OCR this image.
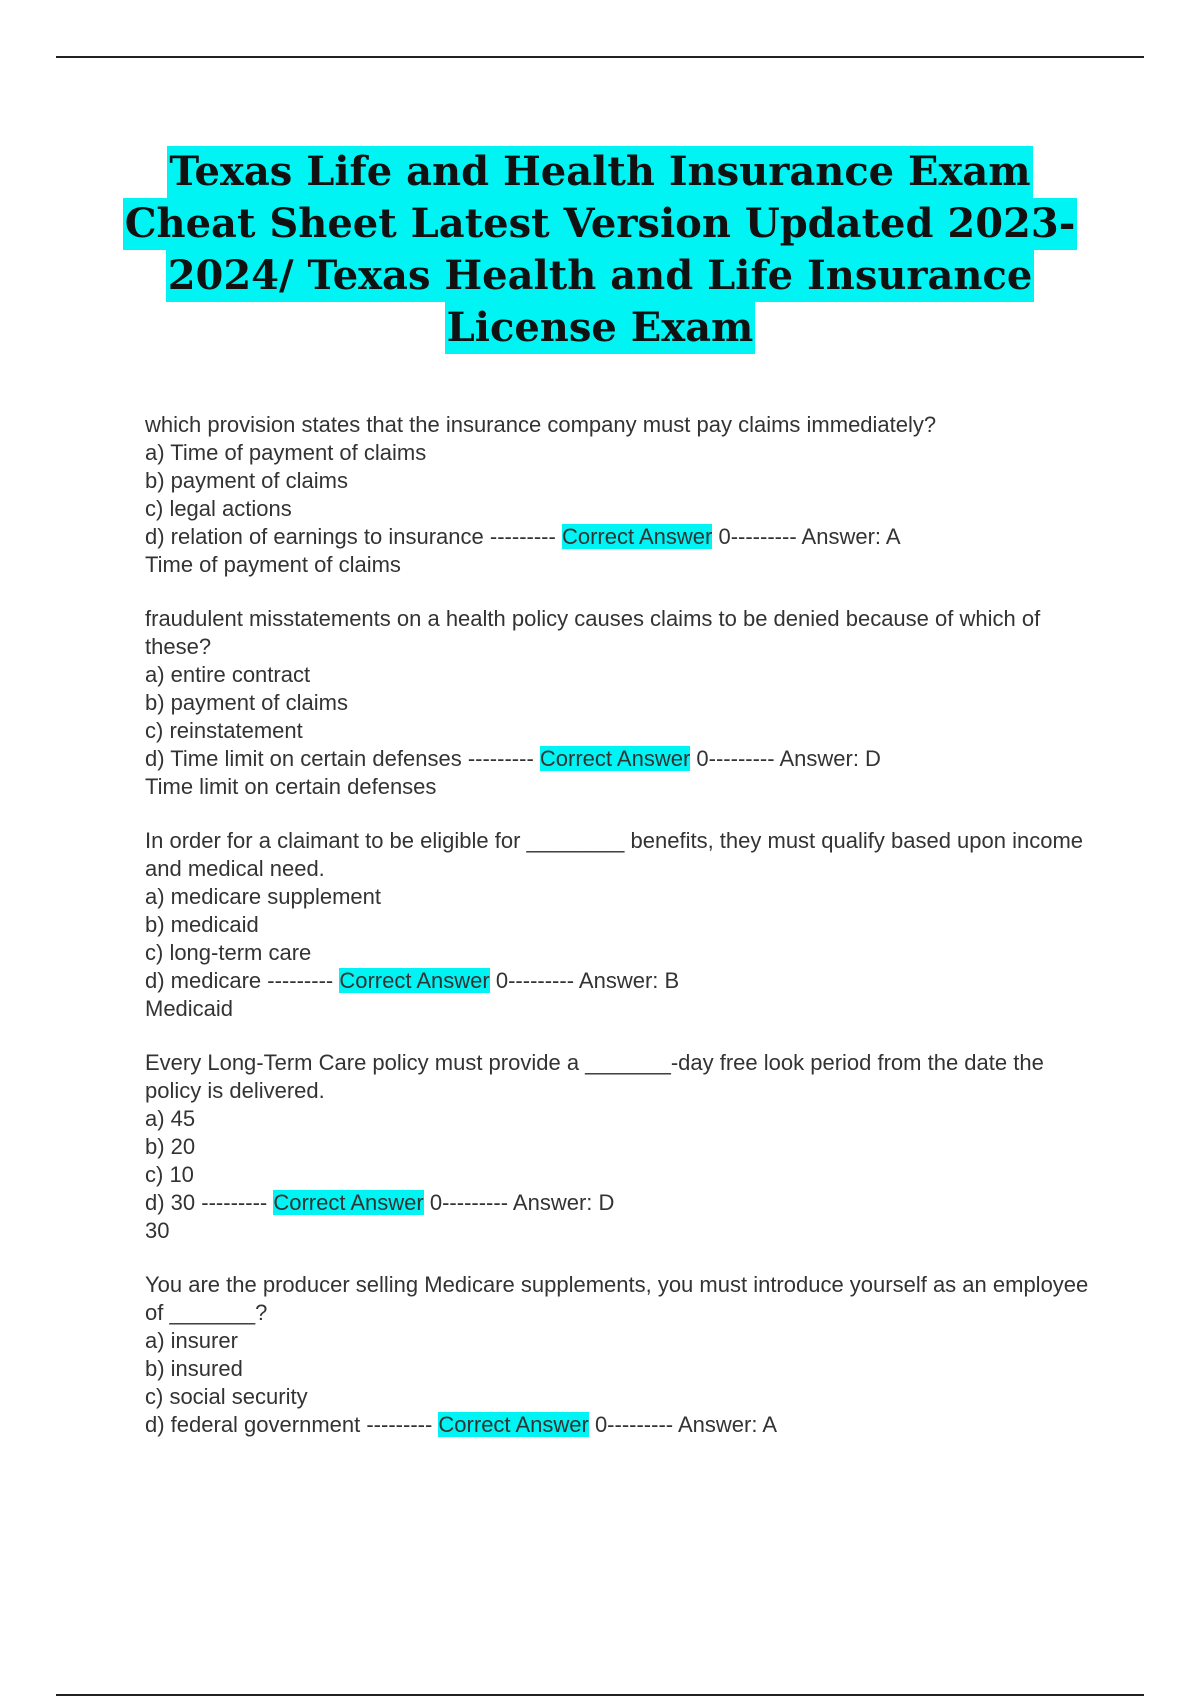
Texas Life and Health Insurance Exam
Cheat Sheet Latest Version Updated 2023-
2024/ Texas Health and Life Insurance
License Exam
which provision states that the insurance company must pay claims immediately?
a) Time of payment of claims
b) payment of claims
c) legal actions
d) relation of earnings to insurance --------- Correct Answer 0--------- Answer: A
Time of payment of claims
fraudulent misstatements on a health policy causes claims to be denied because of which of these?
a) entire contract
b) payment of claims
c) reinstatement
d) Time limit on certain defenses --------- Correct Answer 0--------- Answer: D
Time limit on certain defenses
In order for a claimant to be eligible for ________ benefits, they must qualify based upon income and medical need.
a) medicare supplement
b) medicaid
c) long-term care
d) medicare --------- Correct Answer 0--------- Answer: B
Medicaid
Every Long-Term Care policy must provide a _______-day free look period from the date the policy is delivered.
a) 45
b) 20
c) 10
d) 30 --------- Correct Answer 0--------- Answer: D
30
You are the producer selling Medicare supplements, you must introduce yourself as an employee of _______?
a) insurer
b) insured
c) social security
d) federal government --------- Correct Answer 0--------- Answer: A
